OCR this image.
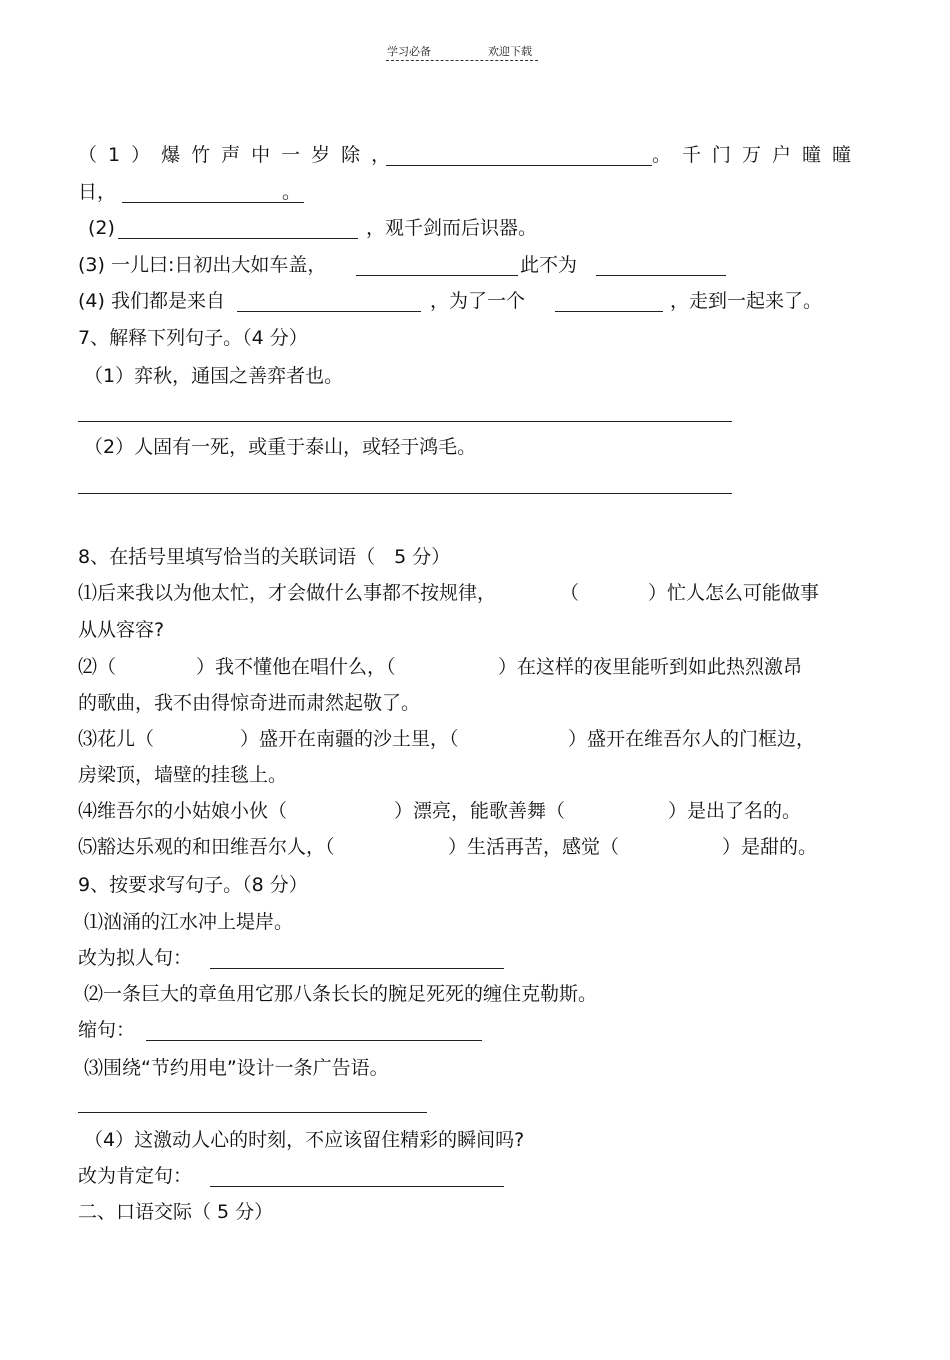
学习必备	欢迎下载
（1）爆竹声中一岁除，	。千门万户曈曈
日，	。
(2)	，观千剑而后识器。
(3) 一儿曰:日初出大如车盖，	此不为
(4) 我们都是来自	，为了一个	，走到一起来了。
7、解释下列句子。（4 分）
（1）弈秋，通国之善弈者也。
（2）人固有一死，或重于泰山，或轻于鸿毛。
8、在括号里填写恰当的关联词语（　5 分）
⑴后来我以为他太忙，才会做什么事都不按规律，	（	）忙人怎么可能做事
从从容容?
⑵（	）我不懂他在唱什么，（	）在这样的夜里能听到如此热烈激昂
的歌曲，我不由得惊奇进而肃然起敬了。
⑶花儿（	）盛开在南疆的沙土里，（	）盛开在维吾尔人的门框边，
房梁顶，墙壁的挂毯上。
⑷维吾尔的小姑娘小伙（	）漂亮，能歌善舞（	）是出了名的。
⑸豁达乐观的和田维吾尔人，（	）生活再苦，感觉（	）是甜的。
9、按要求写句子。（8 分）
⑴汹涌的江水冲上堤岸。
改为拟人句：
⑵一条巨大的章鱼用它那八条长长的腕足死死的缠住克勒斯。
缩句：
⑶围绕“节约用电”设计一条广告语。
（4）这激动人心的时刻，不应该留住精彩的瞬间吗?
改为肯定句：
二、口语交际（ 5 分）
